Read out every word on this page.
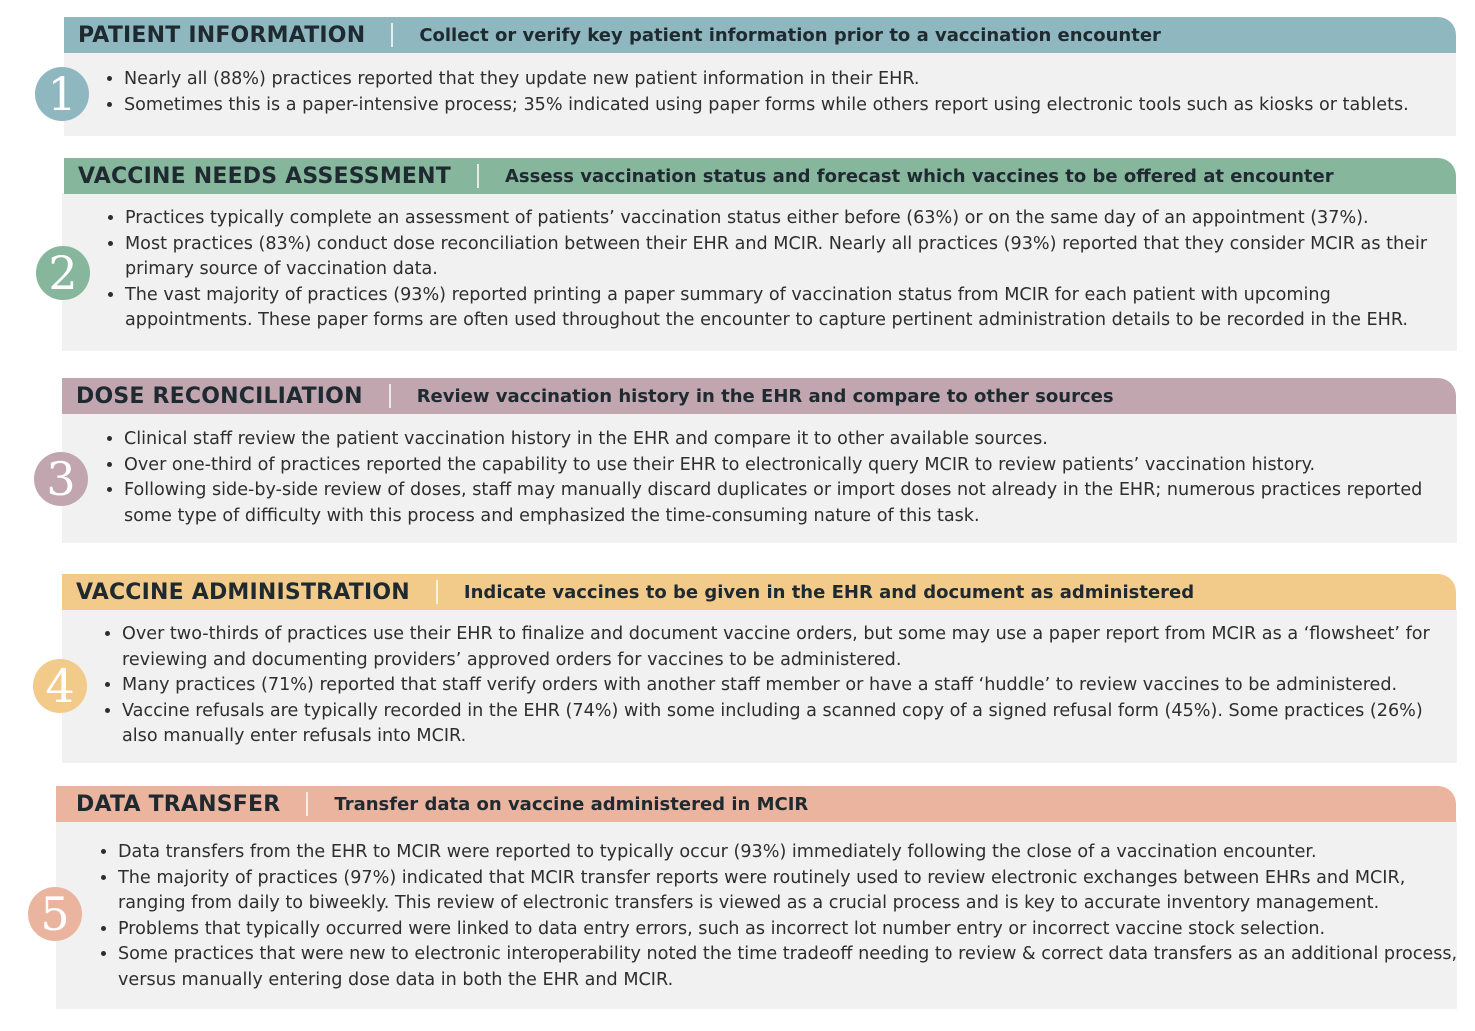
PATIENT INFORMATION	Collect or verify key patient information prior to a vaccination encounter
1
•	Nearly all (88%) practices reported that they update new patient information in their EHR.
• Sometimes this is a paper-intensive process; 35% indicated using paper forms while others report using electronic tools such as kiosks or tablets.
VACCINE NEEDS ASSESSMENT	Assess vaccination status and forecast which vaccines to be offered at encounter
2
• Practices typically complete an assessment of patients’ vaccination status either before (63%) or on the same day of an appointment (37%).
• Most practices (83%) conduct dose reconciliation between their EHR and MCIR. Nearly all practices (93%) reported that they consider MCIR as their primary source of vaccination data.
• The vast majority of practices (93%) reported printing a paper summary of vaccination status from MCIR for each patient with upcoming appointments. These paper forms are often used throughout the encounter to capture pertinent administration details to be recorded in the EHR.
DOSE RECONCILIATION	Review vaccination history in the EHR and compare to other sources
3
• Clinical staff review the patient vaccination history in the EHR and compare it to other available sources.
• Over one-third of practices reported the capability to use their EHR to electronically query MCIR to review patients’ vaccination history.
• Following side-by-side review of doses, staff may manually discard duplicates or import doses not already in the EHR; numerous practices reported some type of difficulty with this process and emphasized the time-consuming nature of this task.
VACCINE ADMINISTRATION	Indicate vaccines to be given in the EHR and document as administered
4
• Over two-thirds of practices use their EHR to finalize and document vaccine orders, but some may use a paper report from MCIR as a ‘flowsheet’ for reviewing and documenting providers’ approved orders for vaccines to be administered.
• Many practices (71%) reported that staff verify orders with another staff member or have a staff ‘huddle’ to review vaccines to be administered.
• Vaccine refusals are typically recorded in the EHR (74%) with some including a scanned copy of a signed refusal form (45%). Some practices (26%) also manually enter refusals into MCIR.
DATA TRANSFER	Transfer data on vaccine administered in MCIR
5
• Data transfers from the EHR to MCIR were reported to typically occur (93%) immediately following the close of a vaccination encounter.
• The majority of practices (97%) indicated that MCIR transfer reports were routinely used to review electronic exchanges between EHRs and MCIR, ranging from daily to biweekly. This review of electronic transfers is viewed as a crucial process and is key to accurate inventory management.
• Problems that typically occurred were linked to data entry errors, such as incorrect lot number entry or incorrect vaccine stock selection.
• Some practices that were new to electronic interoperability noted the time tradeoff needing to review & correct data transfers as an additional process, versus manually entering dose data in both the EHR and MCIR.
